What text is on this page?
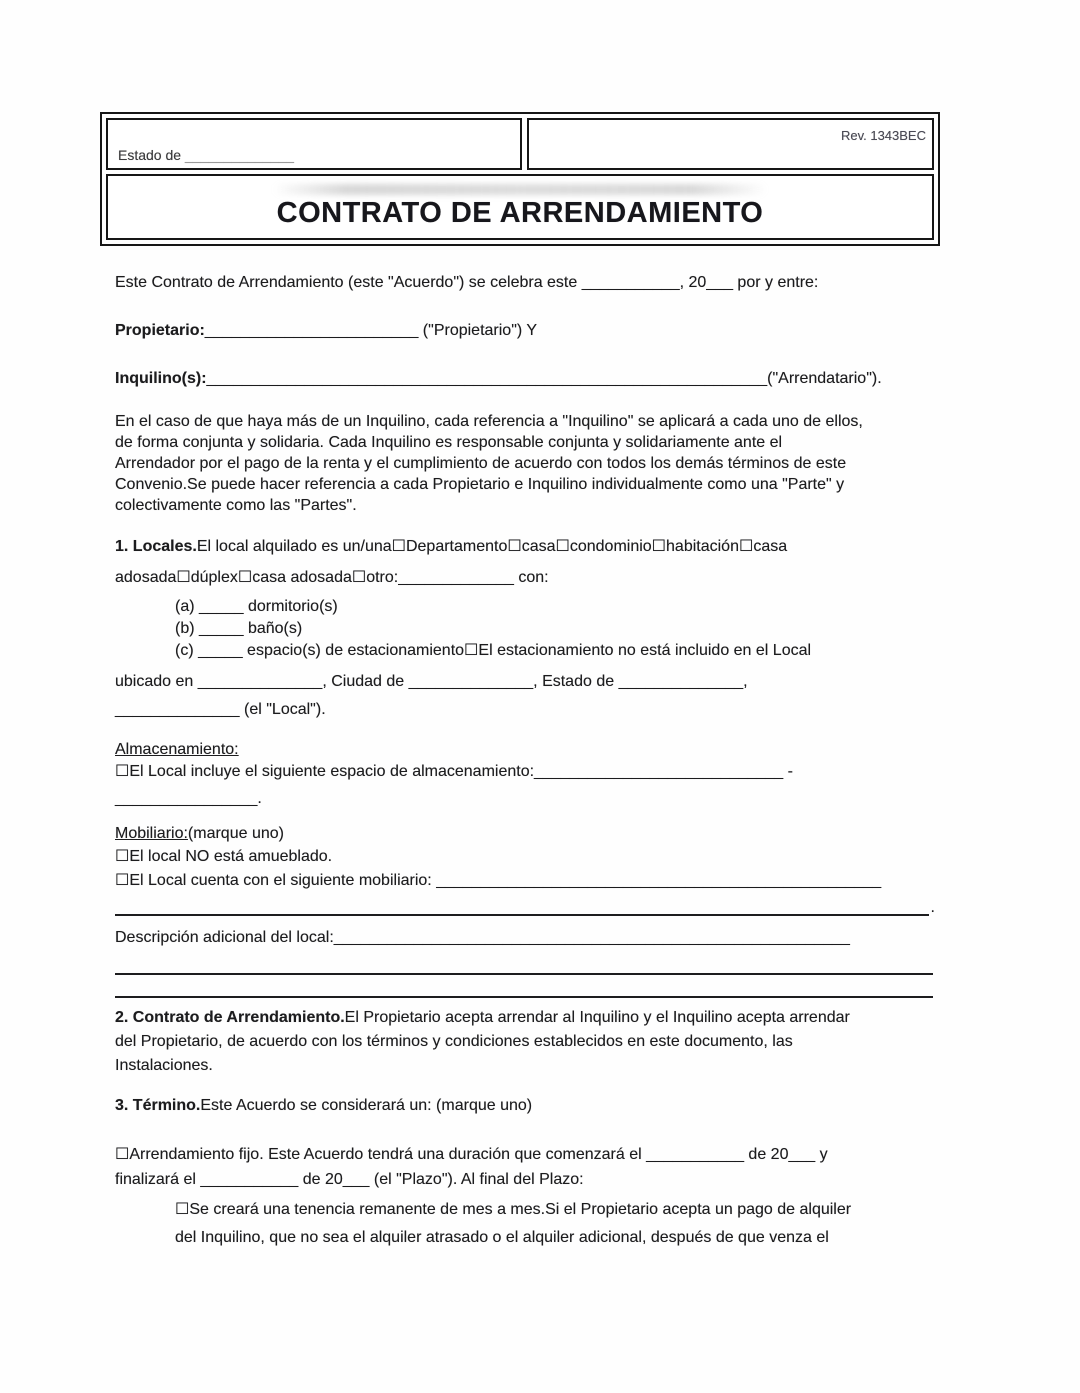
Estado de ______________
Rev. 1343BEC
CONTRATO DE ARRENDAMIENTO
Este Contrato de Arrendamiento (este "Acuerdo") se celebra este ___________, 20___ por y entre:
Propietario:________________________ ("Propietario") Y
Inquilino(s):_______________________________________________________________("Arrendatario").
En el caso de que haya más de un Inquilino, cada referencia a "Inquilino" se aplicará a cada uno de ellos,
de forma conjunta y solidaria. Cada Inquilino es responsable conjunta y solidariamente ante el
Arrendador por el pago de la renta y el cumplimiento de acuerdo con todos los demás términos de este
Convenio.Se puede hacer referencia a cada Propietario e Inquilino individualmente como una "Parte" y
colectivamente como las "Partes".
1. Locales.El local alquilado es un/una☐Departamento☐casa☐condominio☐habitación☐casa
adosada☐dúplex☐casa adosada☐otro:_____________ con:
(a) _____ dormitorio(s)
(b) _____ baño(s)
(c) _____ espacio(s) de estacionamiento☐El estacionamiento no está incluido en el Local
ubicado en ______________, Ciudad de ______________, Estado de ______________,
______________ (el "Local").
Almacenamiento:
☐El Local incluye el siguiente espacio de almacenamiento:____________________________ -
________________.
Mobiliario:(marque uno)
☐El local NO está amueblado.
☐El Local cuenta con el siguiente mobiliario: __________________________________________________
.
Descripción adicional del local:__________________________________________________________
2. Contrato de Arrendamiento.El Propietario acepta arrendar al Inquilino y el Inquilino acepta arrendar
del Propietario, de acuerdo con los términos y condiciones establecidos en este documento, las
Instalaciones.
3. Término.Este Acuerdo se considerará un: (marque uno)
☐Arrendamiento fijo. Este Acuerdo tendrá una duración que comenzará el ___________ de 20___ y
finalizará el ___________ de 20___ (el "Plazo"). Al final del Plazo:
☐Se creará una tenencia remanente de mes a mes.Si el Propietario acepta un pago de alquiler
del Inquilino, que no sea el alquiler atrasado o el alquiler adicional, después de que venza el
